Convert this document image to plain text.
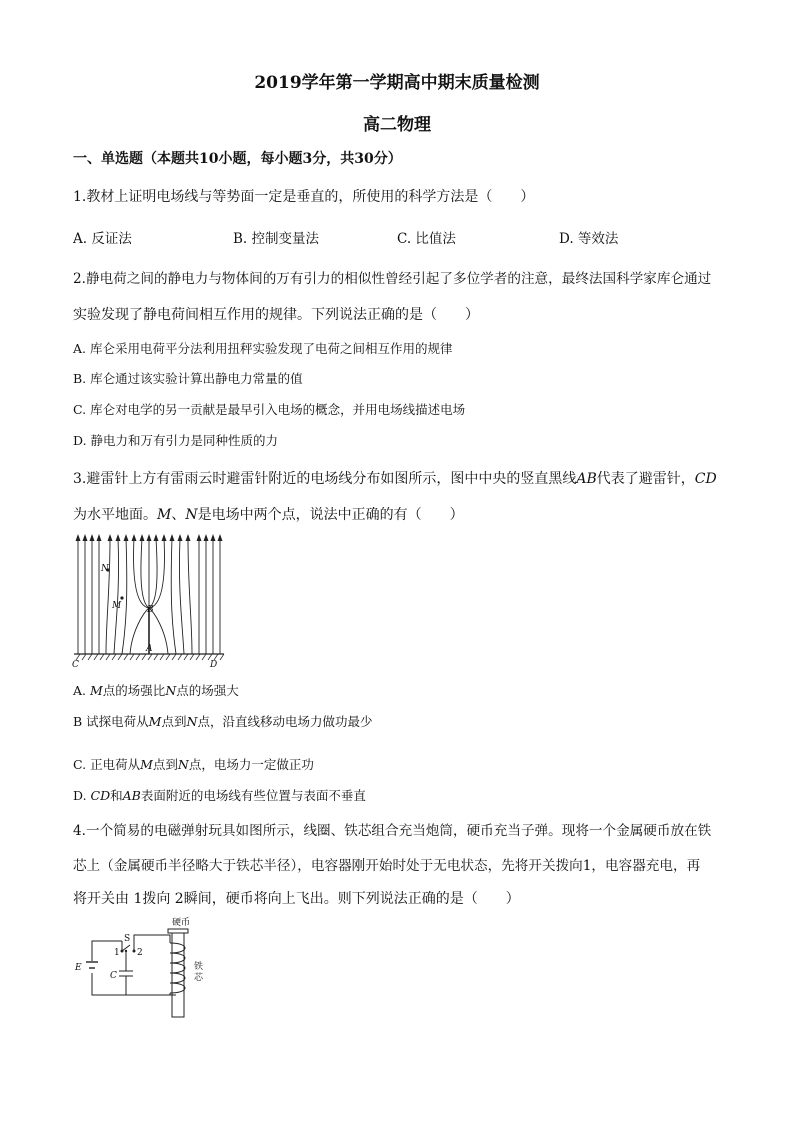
2019学年第一学期高中期末质量检测
高二物理
一、单选题（本题共10小题，每小题3分，共30分）
1.教材上证明电场线与等势面一定是垂直的，所使用的科学方法是（　　）
A. 反证法	B. 控制变量法	C. 比值法	D. 等效法
2.静电荷之间的静电力与物体间的万有引力的相似性曾经引起了多位学者的注意，最终法国科学家库仑通过
实验发现了静电荷间相互作用的规律。下列说法正确的是（　　）
A. 库仑采用电荷平分法利用扭秤实验发现了电荷之间相互作用的规律
B. 库仑通过该实验计算出静电力常量的值
C. 库仑对电学的另一贡献是最早引入电场的概念，并用电场线描述电场
D. 静电力和万有引力是同种性质的力
3.避雷针上方有雷雨云时避雷针附近的电场线分布如图所示，图中中央的竖直黑线AB代表了避雷针，CD
为水平地面。M、N是电场中两个点，说法中正确的有（　　）
N
M	B
A
C	D
A. M点的场强比N点的场强大
B 试探电荷从M点到N点，沿直线移动电场力做功最少
C. 正电荷从M点到N点，电场力一定做正功
D. CD和AB表面附近的电场线有些位置与表面不垂直
4.一个简易的电磁弹射玩具如图所示，线圈、铁芯组合充当炮筒，硬币充当子弹。现将一个金属硬币放在铁
芯上（金属硬币半径略大于铁芯半径），电容器刚开始时处于无电状态，先将开关拨向1，电容器充电，再
将开关由 1拨向 2瞬间，硬币将向上飞出。则下列说法正确的是（　　）
硬币
E
C
S
1 2
铁
芯
